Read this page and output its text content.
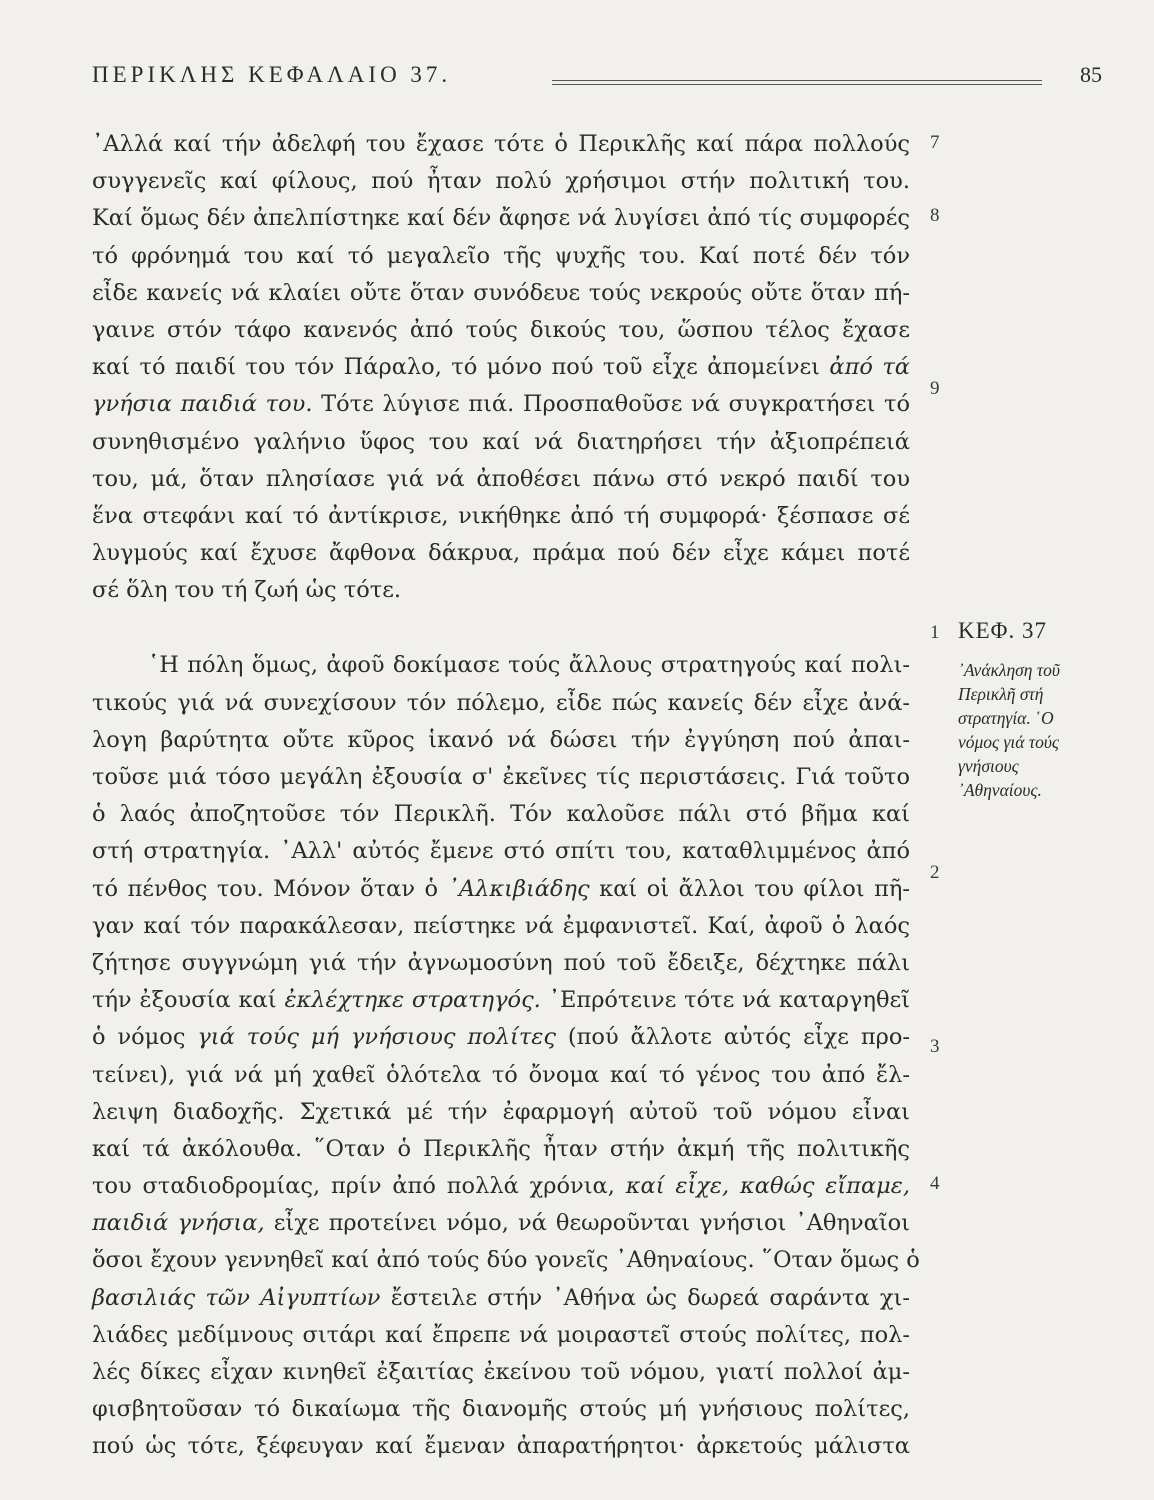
ΠΕΡΙΚΛΗΣ ΚΕΦΑΛΑΙΟ 37.	85
᾿Αλλά καί τήν ἀδελφή του ἔχασε τότε ὁ Περικλῆς καί πάρα πολλούς
συγγενεῖς καί φίλους, πού ἦταν πολύ χρήσιμοι στήν πολιτική του.
Καί ὅμως δέν ἀπελπίστηκε καί δέν ἄφησε νά λυγίσει ἀπό τίς συμφορές
τό φρόνημά του καί τό μεγαλεῖο τῆς ψυχῆς του. Καί ποτέ δέν τόν
εἶδε κανείς νά κλαίει οὔτε ὅταν συνόδευε τούς νεκρούς οὔτε ὅταν πή-
γαινε στόν τάφο κανενός ἀπό τούς δικούς του, ὥσπου τέλος ἔχασε
καί τό παιδί του τόν Πάραλο, τό μόνο πού τοῦ εἶχε ἀπομείνει ἀπό τά
γνήσια παιδιά του. Τότε λύγισε πιά. Προσπαθοῦσε νά συγκρατήσει τό
συνηθισμένο γαλήνιο ὕφος του καί νά διατηρήσει τήν ἀξιοπρέπειά
του, μά, ὅταν πλησίασε γιά νά ἀποθέσει πάνω στό νεκρό παιδί του
ἕνα στεφάνι καί τό ἀντίκρισε, νικήθηκε ἀπό τή συμφορά· ξέσπασε σέ
λυγμούς καί ἔχυσε ἄφθονα δάκρυα, πράμα πού δέν εἶχε κάμει ποτέ
σέ ὅλη του τή ζωή ὡς τότε.
῾Η πόλη ὅμως, ἀφοῦ δοκίμασε τούς ἄλλους στρατηγούς καί πολι-
τικούς γιά νά συνεχίσουν τόν πόλεμο, εἶδε πώς κανείς δέν εἶχε ἀνά-
λογη βαρύτητα οὔτε κῦρος ἱκανό νά δώσει τήν ἐγγύηση πού ἀπαι-
τοῦσε μιά τόσο μεγάλη ἐξουσία σ' ἐκεῖνες τίς περιστάσεις. Γιά τοῦτο
ὁ λαός ἀποζητοῦσε τόν Περικλῆ. Τόν καλοῦσε πάλι στό βῆμα καί
στή στρατηγία. ᾿Αλλ' αὐτός ἔμενε στό σπίτι του, καταθλιμμένος ἀπό
τό πένθος του. Μόνον ὅταν ὁ ᾿Αλκιβιάδης καί οἱ ἄλλοι του φίλοι πῆ-
γαν καί τόν παρακάλεσαν, πείστηκε νά ἐμφανιστεῖ. Καί, ἀφοῦ ὁ λαός
ζήτησε συγγνώμη γιά τήν ἀγνωμοσύνη πού τοῦ ἔδειξε, δέχτηκε πάλι
τήν ἐξουσία καί ἐκλέχτηκε στρατηγός. ᾿Επρότεινε τότε νά καταργηθεῖ
ὁ νόμος γιά τούς μή γνήσιους πολίτες (πού ἄλλοτε αὐτός εἶχε προ-
τείνει), γιά νά μή χαθεῖ ὁλότελα τό ὄνομα καί τό γένος του ἀπό ἔλ-
λειψη διαδοχῆς. Σχετικά μέ τήν ἐφαρμογή αὐτοῦ τοῦ νόμου εἶναι
καί τά ἀκόλουθα. ῞Οταν ὁ Περικλῆς ἦταν στήν ἀκμή τῆς πολιτικῆς
του σταδιοδρομίας, πρίν ἀπό πολλά χρόνια, καί εἶχε, καθώς εἴπαμε,
παιδιά γνήσια, εἶχε προτείνει νόμο, νά θεωροῦνται γνήσιοι ᾿Αθηναῖοι
ὅσοι ἔχουν γεννηθεῖ καί ἀπό τούς δύο γονεῖς ᾿Αθηναίους. ῞Οταν ὅμως ὁ
βασιλιάς τῶν Αἰγυπτίων ἔστειλε στήν ᾿Αθήνα ὡς δωρεά σαράντα χι-
λιάδες μεδίμνους σιτάρι καί ἔπρεπε νά μοιραστεῖ στούς πολίτες, πολ-
λές δίκες εἶχαν κινηθεῖ ἐξαιτίας ἐκείνου τοῦ νόμου, γιατί πολλοί ἀμ-
φισβητοῦσαν τό δικαίωμα τῆς διανομῆς στούς μή γνήσιους πολίτες,
πού ὡς τότε, ξέφευγαν καί ἔμεναν ἀπαρατήρητοι· ἀρκετούς μάλιστα
7
8
9
1
2
3
4
ΚΕΦ. 37
᾿Ανάκληση τοῦ
Περικλῆ στή
στρατηγία. ῾Ο
νόμος γιά τούς
γνήσιους
᾿Αθηναίους.
